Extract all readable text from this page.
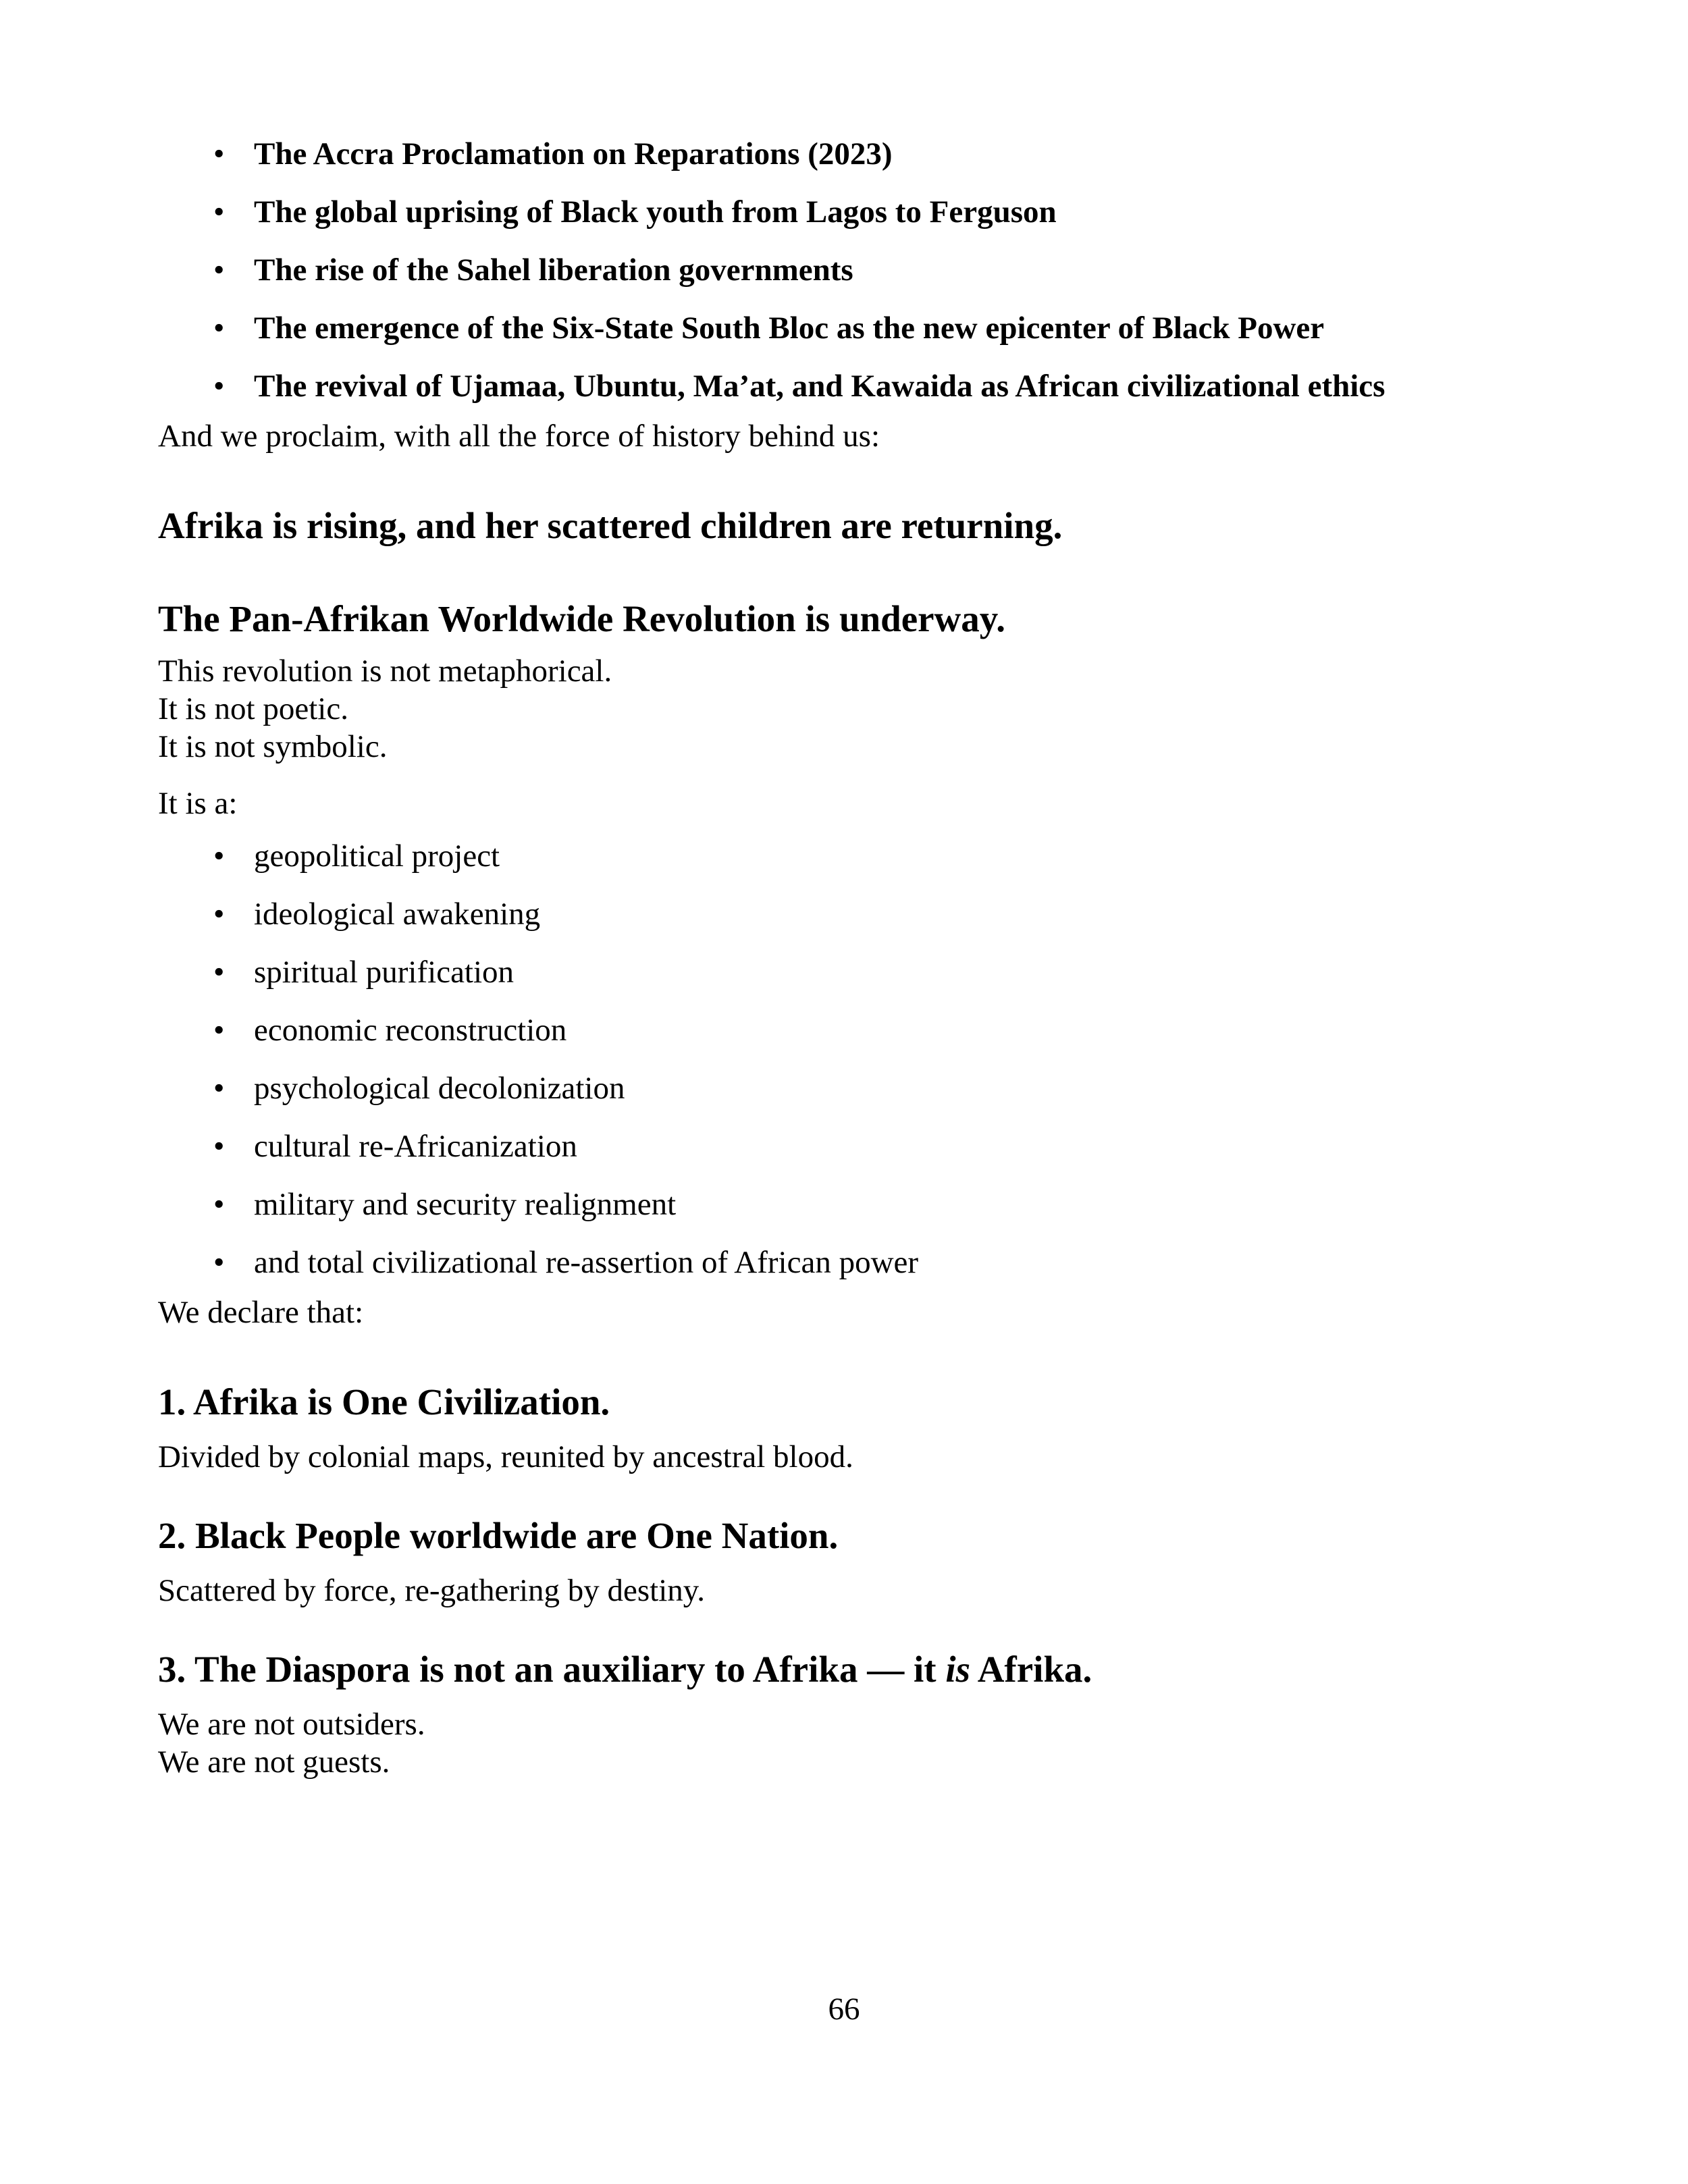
• The Accra Proclamation on Reparations (2023)
• The global uprising of Black youth from Lagos to Ferguson
• The rise of the Sahel liberation governments
• The emergence of the Six-State South Bloc as the new epicenter of Black Power
• The revival of Ujamaa, Ubuntu, Ma’at, and Kawaida as African civilizational ethics

And we proclaim, with all the force of history behind us:

Afrika is rising, and her scattered children are returning.
The Pan-Afrikan Worldwide Revolution is underway.

This revolution is not metaphorical.

It is not poetic.

It is not symbolic.

It is a:

• geopolitical project
• ideological awakening
• spiritual purification
• economic reconstruction
• psychological decolonization
• cultural re-Africanization
• military and security realignment
• and total civilizational re-assertion of African power

We declare that:

1. Afrika is One Civilization.

Divided by colonial maps, reunited by ancestral blood.

2. Black People worldwide are One Nation.

Scattered by force, re-gathering by destiny.

3. The Diaspora is not an auxiliary to Afrika — it is Afrika.

We are not outsiders.

We are not guests.

66
